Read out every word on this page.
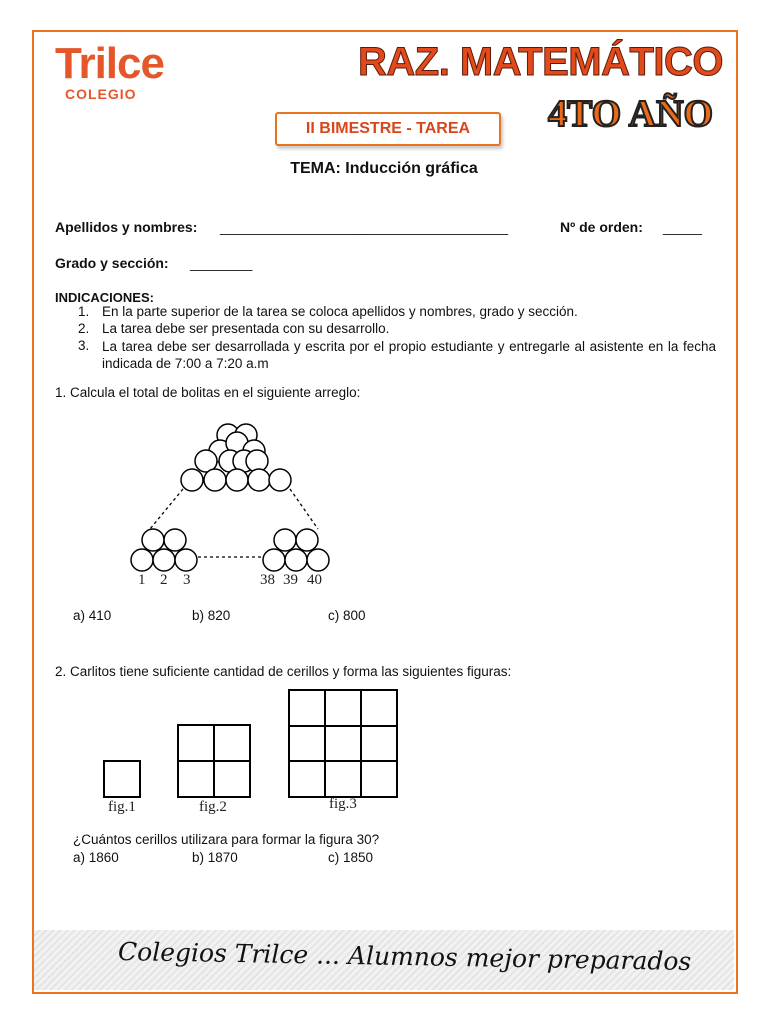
Trilce
COLEGIO
RAZ. MATEMÁTICO
4TO AÑO
II BIMESTRE - TAREA
TEMA: Inducción gráfica
Apellidos y nombres: _____________________________________	Nº de orden: _____
Grado y sección: ________
INDICACIONES:
1. En la parte superior de la tarea se coloca apellidos y nombres, grado y sección.
2. La tarea debe ser presentada con su desarrollo.
3. La tarea debe ser desarrollada y escrita por el propio estudiante y entregarle al asistente en la fecha indicada de 7:00 a 7:20 a.m
1. Calcula el total de bolitas en el siguiente arreglo:
1 2 3	38 39 40
a) 410	b) 820	c) 800
2. Carlitos tiene suficiente cantidad de cerillos y forma las siguientes figuras:
fig.1	fig.2	fig.3
¿Cuántos cerillos utilizara para formar la figura 30?
a) 1860	b) 1870	c) 1850
Colegios Trilce ... Alumnos mejor preparados
